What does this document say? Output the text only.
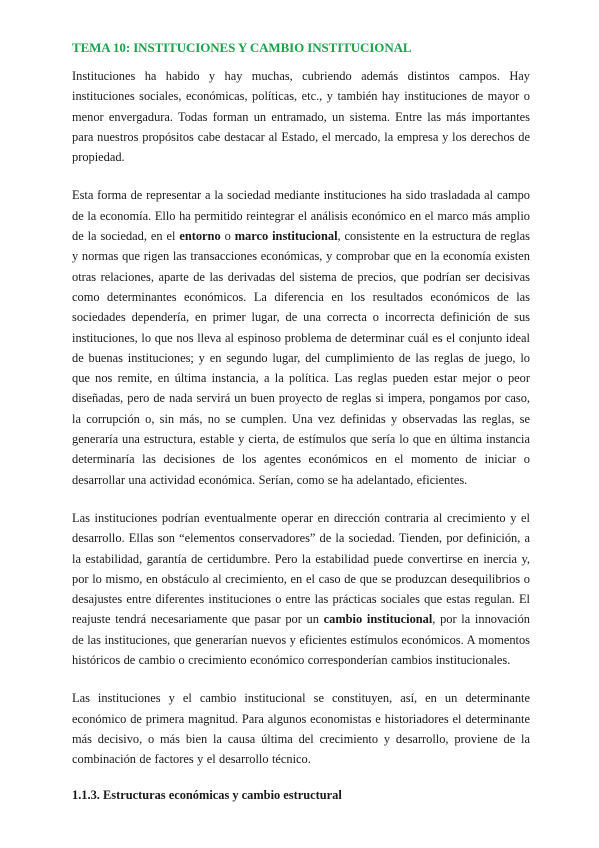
TEMA 10: INSTITUCIONES Y CAMBIO INSTITUCIONAL

Instituciones ha habido y hay muchas, cubriendo además distintos campos. Hay instituciones sociales, económicas, políticas, etc., y también hay instituciones de mayor o menor envergadura. Todas forman un entramado, un sistema. Entre las más importantes para nuestros propósitos cabe destacar al Estado, el mercado, la empresa y los derechos de propiedad.

Esta forma de representar a la sociedad mediante instituciones ha sido trasladada al campo de la economía. Ello ha permitido reintegrar el análisis económico en el marco más amplio de la sociedad, en el entorno o marco institucional, consistente en la estructura de reglas y normas que rigen las transacciones económicas, y comprobar que en la economía existen otras relaciones, aparte de las derivadas del sistema de precios, que podrían ser decisivas como determinantes económicos. La diferencia en los resultados económicos de las sociedades dependería, en primer lugar, de una correcta o incorrecta definición de sus instituciones, lo que nos lleva al espinoso problema de determinar cuál es el conjunto ideal de buenas instituciones; y en segundo lugar, del cumplimiento de las reglas de juego, lo que nos remite, en última instancia, a la política. Las reglas pueden estar mejor o peor diseñadas, pero de nada servirá un buen proyecto de reglas si impera, pongamos por caso, la corrupción o, sin más, no se cumplen. Una vez definidas y observadas las reglas, se generaría una estructura, estable y cierta, de estímulos que sería lo que en última instancia determinaría las decisiones de los agentes económicos en el momento de iniciar o desarrollar una actividad económica. Serían, como se ha adelantado, eficientes.

Las instituciones podrían eventualmente operar en dirección contraria al crecimiento y el desarrollo. Ellas son “elementos conservadores” de la sociedad. Tienden, por definición, a la estabilidad, garantía de certidumbre. Pero la estabilidad puede convertirse en inercia y, por lo mismo, en obstáculo al crecimiento, en el caso de que se produzcan desequilibrios o desajustes entre diferentes instituciones o entre las prácticas sociales que estas regulan. El reajuste tendrá necesariamente que pasar por un cambio institucional, por la innovación de las instituciones, que generarían nuevos y eficientes estímulos económicos. A momentos históricos de cambio o crecimiento económico corresponderían cambios institucionales.

Las instituciones y el cambio institucional se constituyen, así, en un determinante económico de primera magnitud. Para algunos economistas e historiadores el determinante más decisivo, o más bien la causa última del crecimiento y desarrollo, proviene de la combinación de factores y el desarrollo técnico.

1.1.3. Estructuras económicas y cambio estructural
